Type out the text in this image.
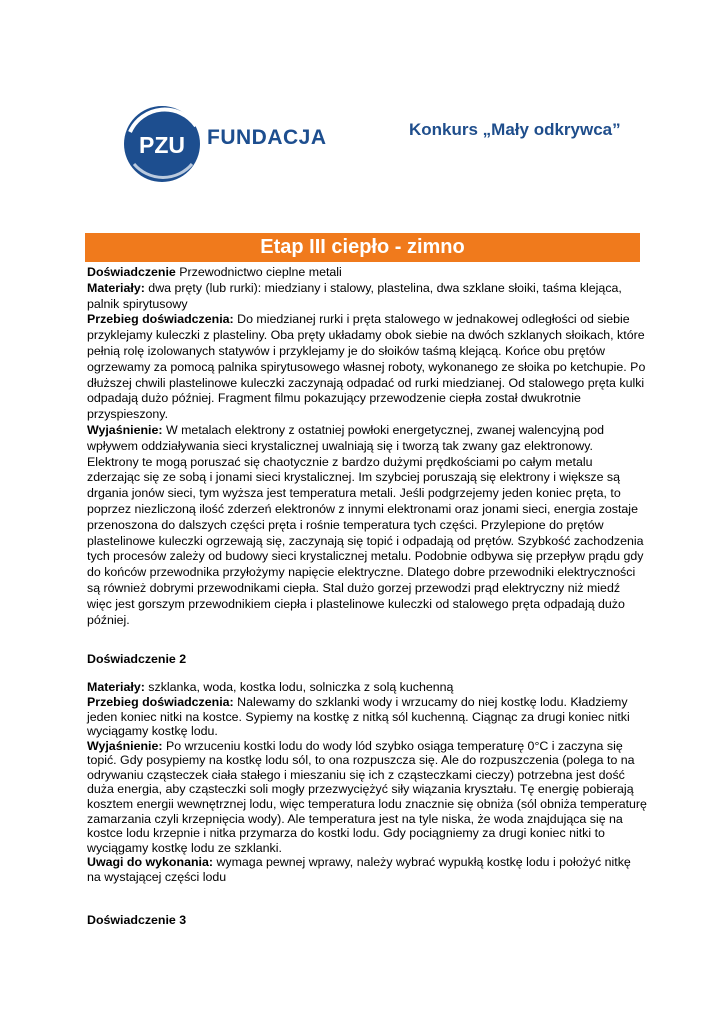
PZU FUNDACJA	Konkurs „Mały odkrywca”
Etap III ciepło - zimno
Doświadczenie Przewodnictwo cieplne metali
Materiały: dwa pręty (lub rurki): miedziany i stalowy, plastelina, dwa szklane słoiki, taśma klejąca, palnik spirytusowy
Przebieg doświadczenia: Do miedzianej rurki i pręta stalowego w jednakowej odległości od siebie przyklejamy kuleczki z plasteliny. Oba pręty układamy obok siebie na dwóch szklanych słoikach, które pełnią rolę izolowanych statywów i przyklejamy je do słoików taśmą klejącą. Końce obu prętów ogrzewamy za pomocą palnika spirytusowego własnej roboty, wykonanego ze słoika po ketchupie. Po dłuższej chwili plastelinowe kuleczki zaczynają odpadać od rurki miedzianej. Od stalowego pręta kulki odpadają dużo później. Fragment filmu pokazujący przewodzenie ciepła został dwukrotnie przyspieszony.
Wyjaśnienie: W metalach elektrony z ostatniej powłoki energetycznej, zwanej walencyjną pod wpływem oddziaływania sieci krystalicznej uwalniają się i tworzą tak zwany gaz elektronowy. Elektrony te mogą poruszać się chaotycznie z bardzo dużymi prędkościami po całym metalu zderzając się ze sobą i jonami sieci krystalicznej. Im szybciej poruszają się elektrony i większe są drgania jonów sieci, tym wyższa jest temperatura metali. Jeśli podgrzejemy jeden koniec pręta, to poprzez niezliczoną ilość zderzeń elektronów z innymi elektronami oraz jonami sieci, energia zostaje przenoszona do dalszych części pręta i rośnie temperatura tych części. Przylepione do prętów plastelinowe kuleczki ogrzewają się, zaczynają się topić i odpadają od prętów. Szybkość zachodzenia tych procesów zależy od budowy sieci krystalicznej metalu. Podobnie odbywa się przepływ prądu gdy do końców przewodnika przyłożymy napięcie elektryczne. Dlatego dobre przewodniki elektryczności są również dobrymi przewodnikami ciepła. Stal dużo gorzej przewodzi prąd elektryczny niż miedź więc jest gorszym przewodnikiem ciepła i plastelinowe kuleczki od stalowego pręta odpadają dużo później.
Doświadczenie 2
Materiały: szklanka, woda, kostka lodu, solniczka z solą kuchenną
Przebieg doświadczenia: Nalewamy do szklanki wody i wrzucamy do niej kostkę lodu. Kładziemy jeden koniec nitki na kostce. Sypiemy na kostkę z nitką sól kuchenną. Ciągnąc za drugi koniec nitki wyciągamy kostkę lodu.
Wyjaśnienie: Po wrzuceniu kostki lodu do wody lód szybko osiąga temperaturę 0°C i zaczyna się topić. Gdy posypiemy na kostkę lodu sól, to ona rozpuszcza się. Ale do rozpuszczenia (polega to na odrywaniu cząsteczek ciała stałego i mieszaniu się ich z cząsteczkami cieczy) potrzebna jest dość duża energia, aby cząsteczki soli mogły przezwyciężyć siły wiązania kryształu. Tę energię pobierają kosztem energii wewnętrznej lodu, więc temperatura lodu znacznie się obniża (sól obniża temperaturę zamarzania czyli krzepnięcia wody). Ale temperatura jest na tyle niska, że woda znajdująca się na kostce lodu krzepnie i nitka przymarza do kostki lodu. Gdy pociągniemy za drugi koniec nitki to wyciągamy kostkę lodu ze szklanki.
Uwagi do wykonania: wymaga pewnej wprawy, należy wybrać wypukłą kostkę lodu i położyć nitkę na wystającej części lodu
Doświadczenie 3
